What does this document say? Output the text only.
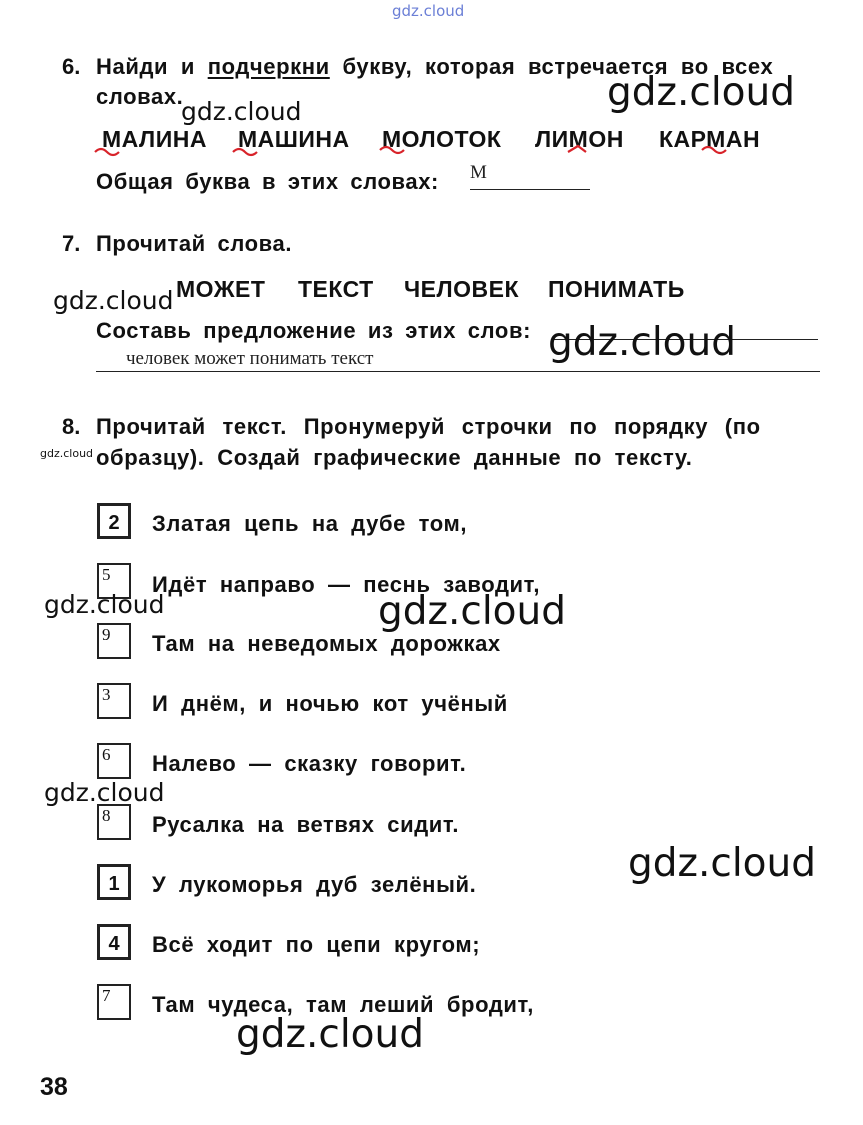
gdz.cloud
6. Найди и подчеркни букву, которая встречается во всех
словах.
МАЛИНА МАШИНА МОЛОТОК ЛИМОН КАРМАН
Общая буква в этих словах: М
7. Прочитай слова.
МОЖЕТ ТЕКСТ ЧЕЛОВЕК ПОНИМАТЬ
Составь предложение из этих слов:
человек может понимать текст
8. Прочитай текст. Пронумеруй строчки по порядку (по
образцу). Создай графические данные по тексту.
2	Златая цепь на дубе том,
5 Идёт направо — песнь заводит,
9 Там на неведомых дорожках
3 И днём, и ночью кот учёный
6 Налево — сказку говорит.
8 Русалка на ветвях сидит.
1	У лукоморья дуб зелёный.
4	Всё ходит по цепи кругом;
7 Там чудеса, там леший бродит,
38
gdz.cloud
gdz.cloud
gdz.cloud
gdz.cloud
gdz.cloud
gdz.cloud	gdz.cloud
gdz.cloud
gdz.cloud
gdz.cloud
